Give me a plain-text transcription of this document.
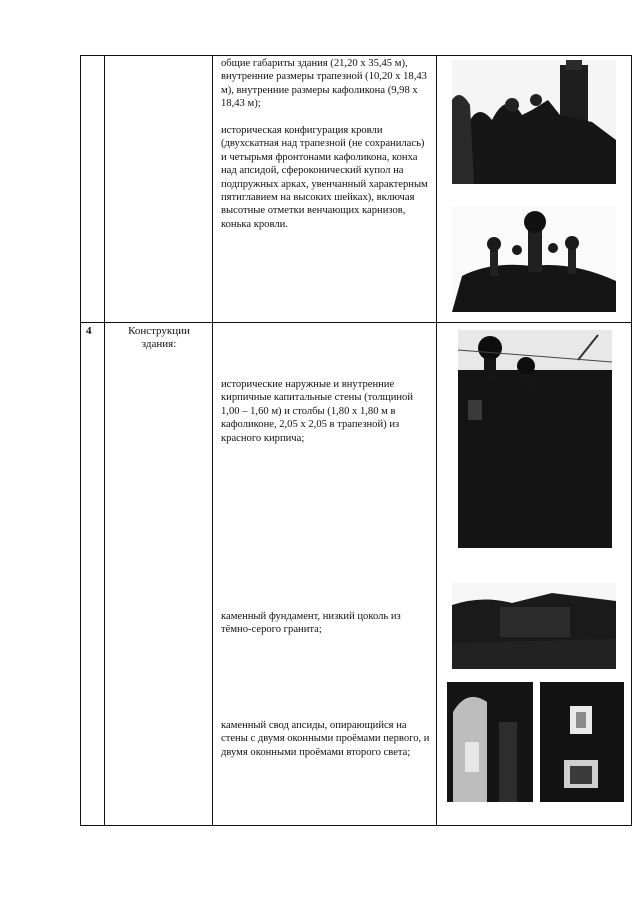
общие габариты здания (21,20 х 35,45 м), внутренние размеры трапезной (10,20 х 18,43 м), внутренние размеры кафоликона (9,98 х 18,43 м);
историческая конфигурация кровли (двухскатная над трапезной (не сохранилась) и четырьмя фронтонами кафоликона, конха над апсидой, сфероконический купол на подпружных арках, увенчанный характерным пятиглавием на высоких шейках), включая высотные отметки венчающих карнизов, конька кровли.
4	Конструкции здания:
исторические наружные и внутренние кирпичные капитальные стены (толщиной 1,00 – 1,60 м) и столбы (1,80 х 1,80 м в кафоликоне, 2,05 х 2,05 в трапезной) из красного кирпича;
каменный фундамент, низкий цоколь из тёмно-серого гранита;
каменный свод апсиды, опирающийся на стены с двумя оконными проёмами первого, и двумя оконными проёмами второго света;
